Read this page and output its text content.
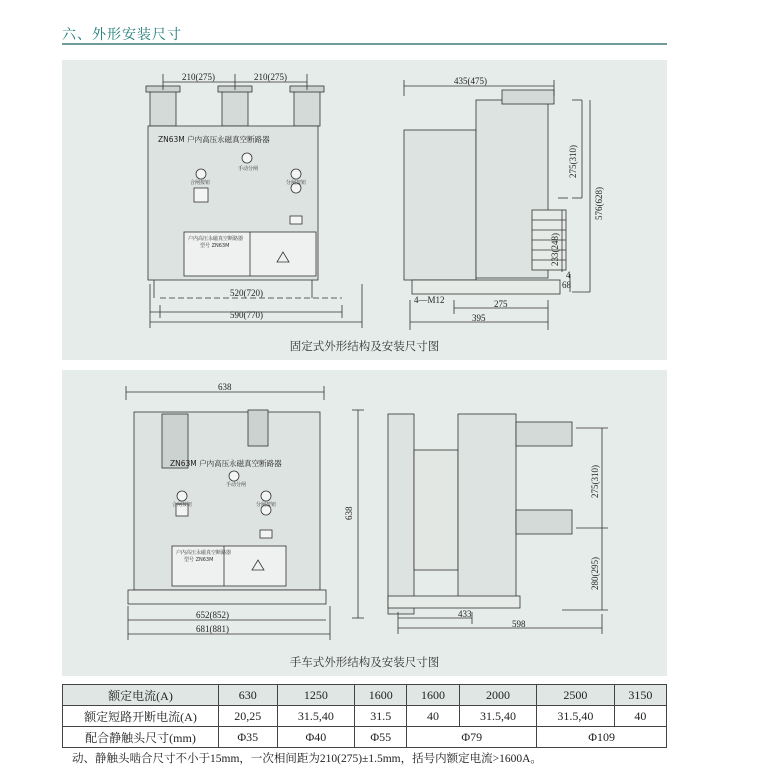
六、外形安装尺寸
210(275)	210(275)
ZN63M 户内高压永磁真空断路器
手动分闸
合闸按钮	分闸按钮
户内高压永磁真空断路器
型号 ZN63M
520(720)
590(770)
435(475)
275(310)
576(628)
233(248)
4
68
4—M12	275
395
固定式外形结构及安装尺寸图
638
ZN63M 户内高压永磁真空断路器
手动分闸
合闸按钮	分闸按钮
户内高压永磁真空断路器
型号 ZN63M
652(852)
681(881)
638
275(310)
280(295)
433
598
手车式外形结构及安装尺寸图
额定电流(A)	630	1250	1600	1600	2000	2500	3150
额定短路开断电流(A)	20,25	31.5,40	31.5	40	31.5,40	31.5,40	40
配合静触头尺寸(mm)	Φ35	Φ40	Φ55	Φ79		Φ109	
动、静触头啮合尺寸不小于15mm，一次相间距为210(275)±1.5mm，括号内额定电流>1600A。
